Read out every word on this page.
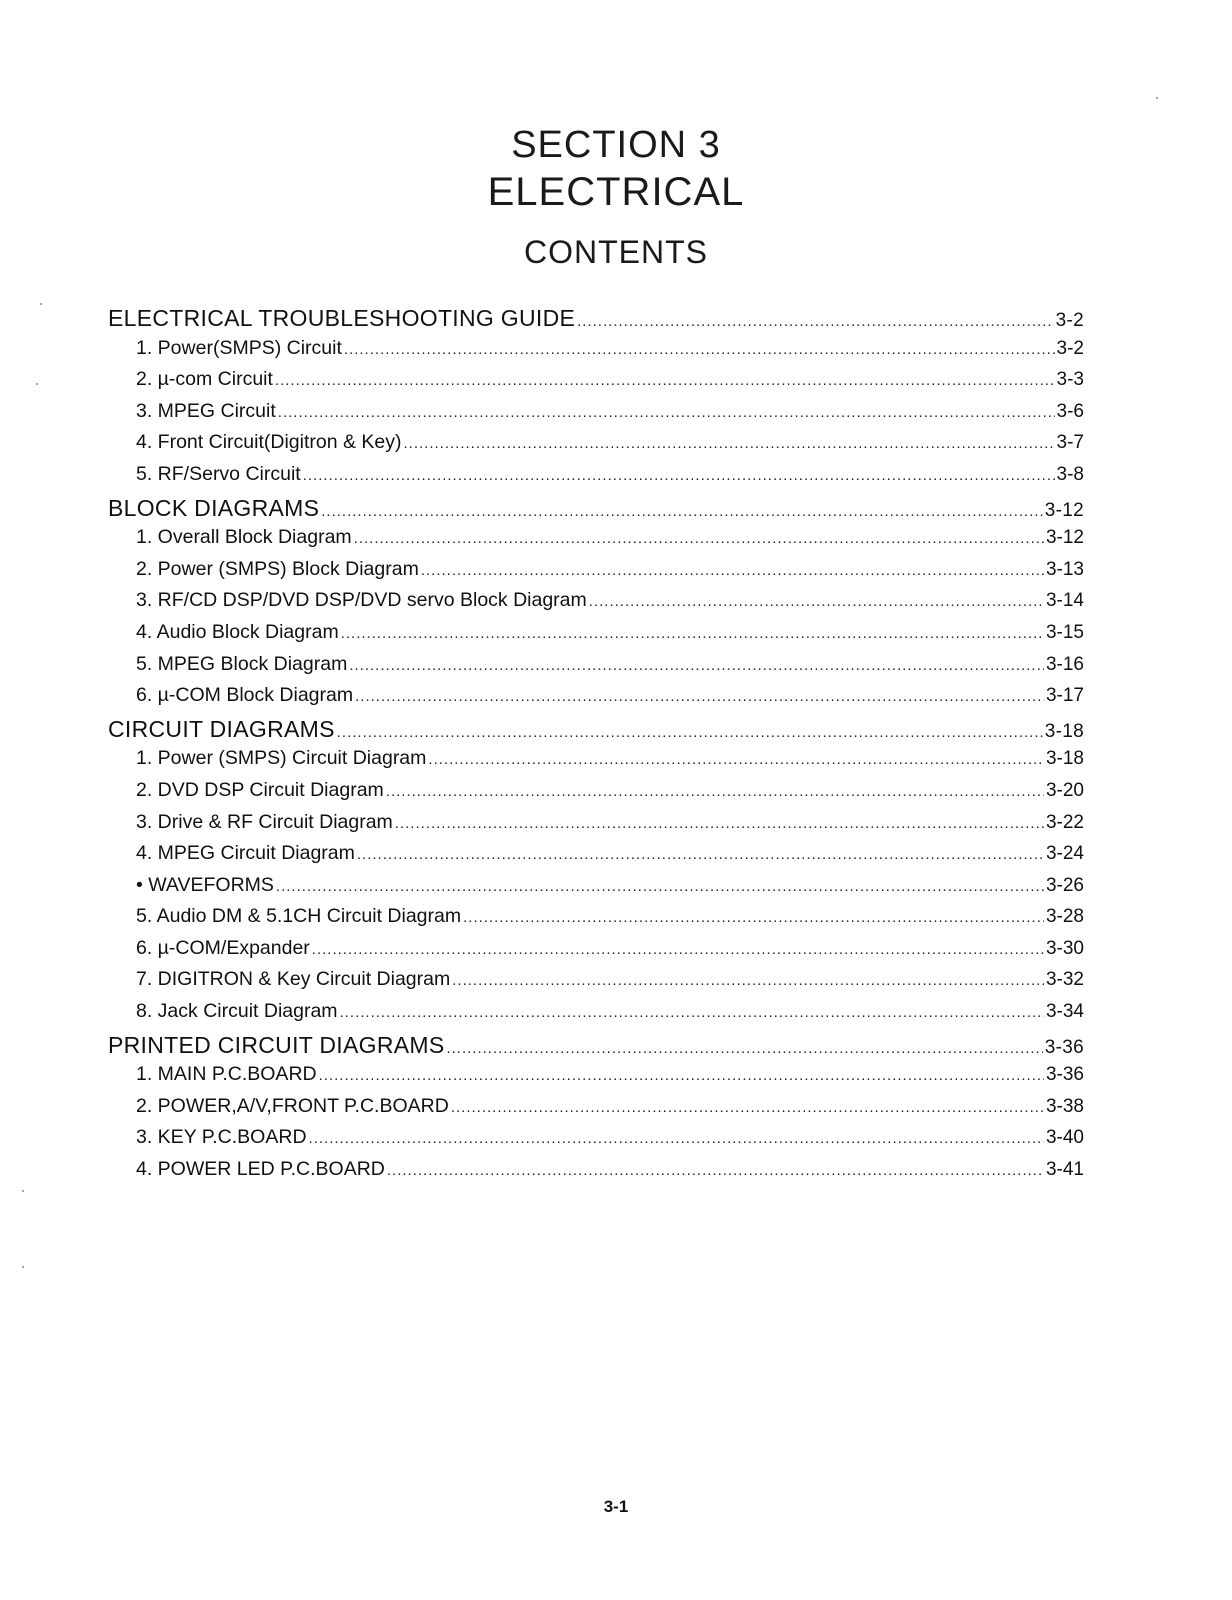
SECTION 3
ELECTRICAL
CONTENTS
ELECTRICAL TROUBLESHOOTING GUIDE .....	3-2
1. Power(SMPS) Circuit .....	3-2
2. µ-com Circuit .....	3-3
3. MPEG Circuit .....	3-6
4. Front Circuit(Digitron & Key) .....	3-7
5. RF/Servo Circuit .....	3-8
BLOCK DIAGRAMS .....	3-12
1. Overall Block Diagram .....	3-12
2. Power (SMPS) Block Diagram .....	3-13
3. RF/CD DSP/DVD DSP/DVD servo Block Diagram .....	3-14
4. Audio Block Diagram .....	3-15
5. MPEG Block Diagram .....	3-16
6. µ-COM Block Diagram .....	3-17
CIRCUIT DIAGRAMS .....	3-18
1. Power (SMPS) Circuit Diagram .....	3-18
2. DVD DSP Circuit Diagram .....	3-20
3. Drive & RF Circuit Diagram .....	3-22
4. MPEG Circuit Diagram .....	3-24
• WAVEFORMS .....	3-26
5. Audio DM & 5.1CH Circuit Diagram .....	3-28
6. µ-COM/Expander .....	3-30
7. DIGITRON & Key Circuit Diagram .....	3-32
8. Jack Circuit Diagram .....	3-34
PRINTED CIRCUIT DIAGRAMS .....	3-36
1. MAIN P.C.BOARD .....	3-36
2. POWER,A/V,FRONT P.C.BOARD .....	3-38
3. KEY P.C.BOARD .....	3-40
4. POWER LED P.C.BOARD .....	3-41
3-1
